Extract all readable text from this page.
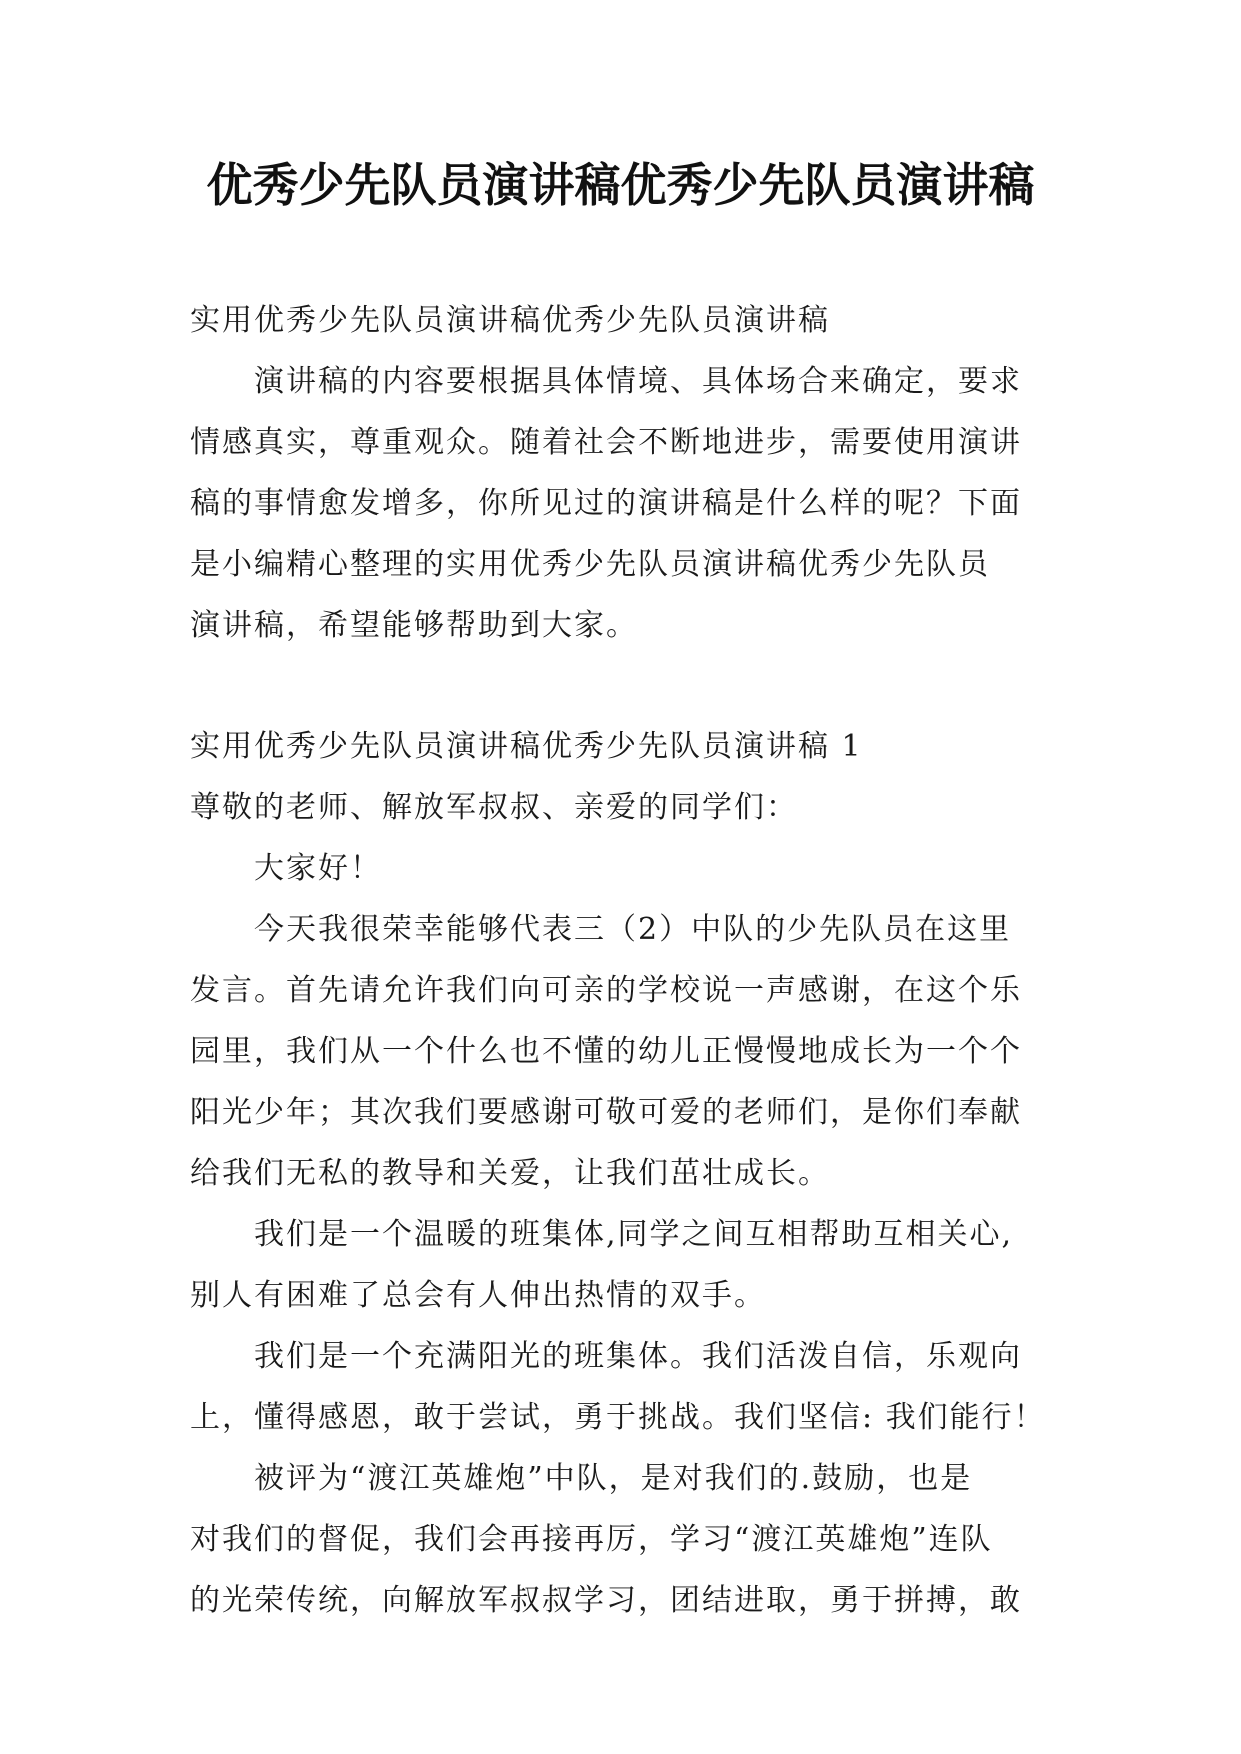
优秀少先队员演讲稿优秀少先队员演讲稿

实用优秀少先队员演讲稿优秀少先队员演讲稿

演讲稿的内容要根据具体情境、具体场合来确定，要求

情感真实，尊重观众。随着社会不断地进步，需要使用演讲

稿的事情愈发增多，你所见过的演讲稿是什么样的呢？下面

是小编精心整理的实用优秀少先队员演讲稿优秀少先队员

演讲稿，希望能够帮助到大家。

实用优秀少先队员演讲稿优秀少先队员演讲稿 1

尊敬的老师、解放军叔叔、亲爱的同学们：

大家好！

今天我很荣幸能够代表三（2）中队的少先队员在这里

发言。首先请允许我们向可亲的学校说一声感谢，在这个乐

园里，我们从一个什么也不懂的幼儿正慢慢地成长为一个个

阳光少年；其次我们要感谢可敬可爱的老师们，是你们奉献

给我们无私的教导和关爱，让我们茁壮成长。

我们是一个温暖的班集体,同学之间互相帮助互相关心,

别人有困难了总会有人伸出热情的双手。

我们是一个充满阳光的班集体。我们活泼自信，乐观向

上，懂得感恩，敢于尝试，勇于挑战。我们坚信: 我们能行！

被评为“渡江英雄炮”中队，是对我们的.鼓励，也是

对我们的督促，我们会再接再厉，学习“渡江英雄炮”连队

的光荣传统，向解放军叔叔学习，团结进取，勇于拼搏，敢
